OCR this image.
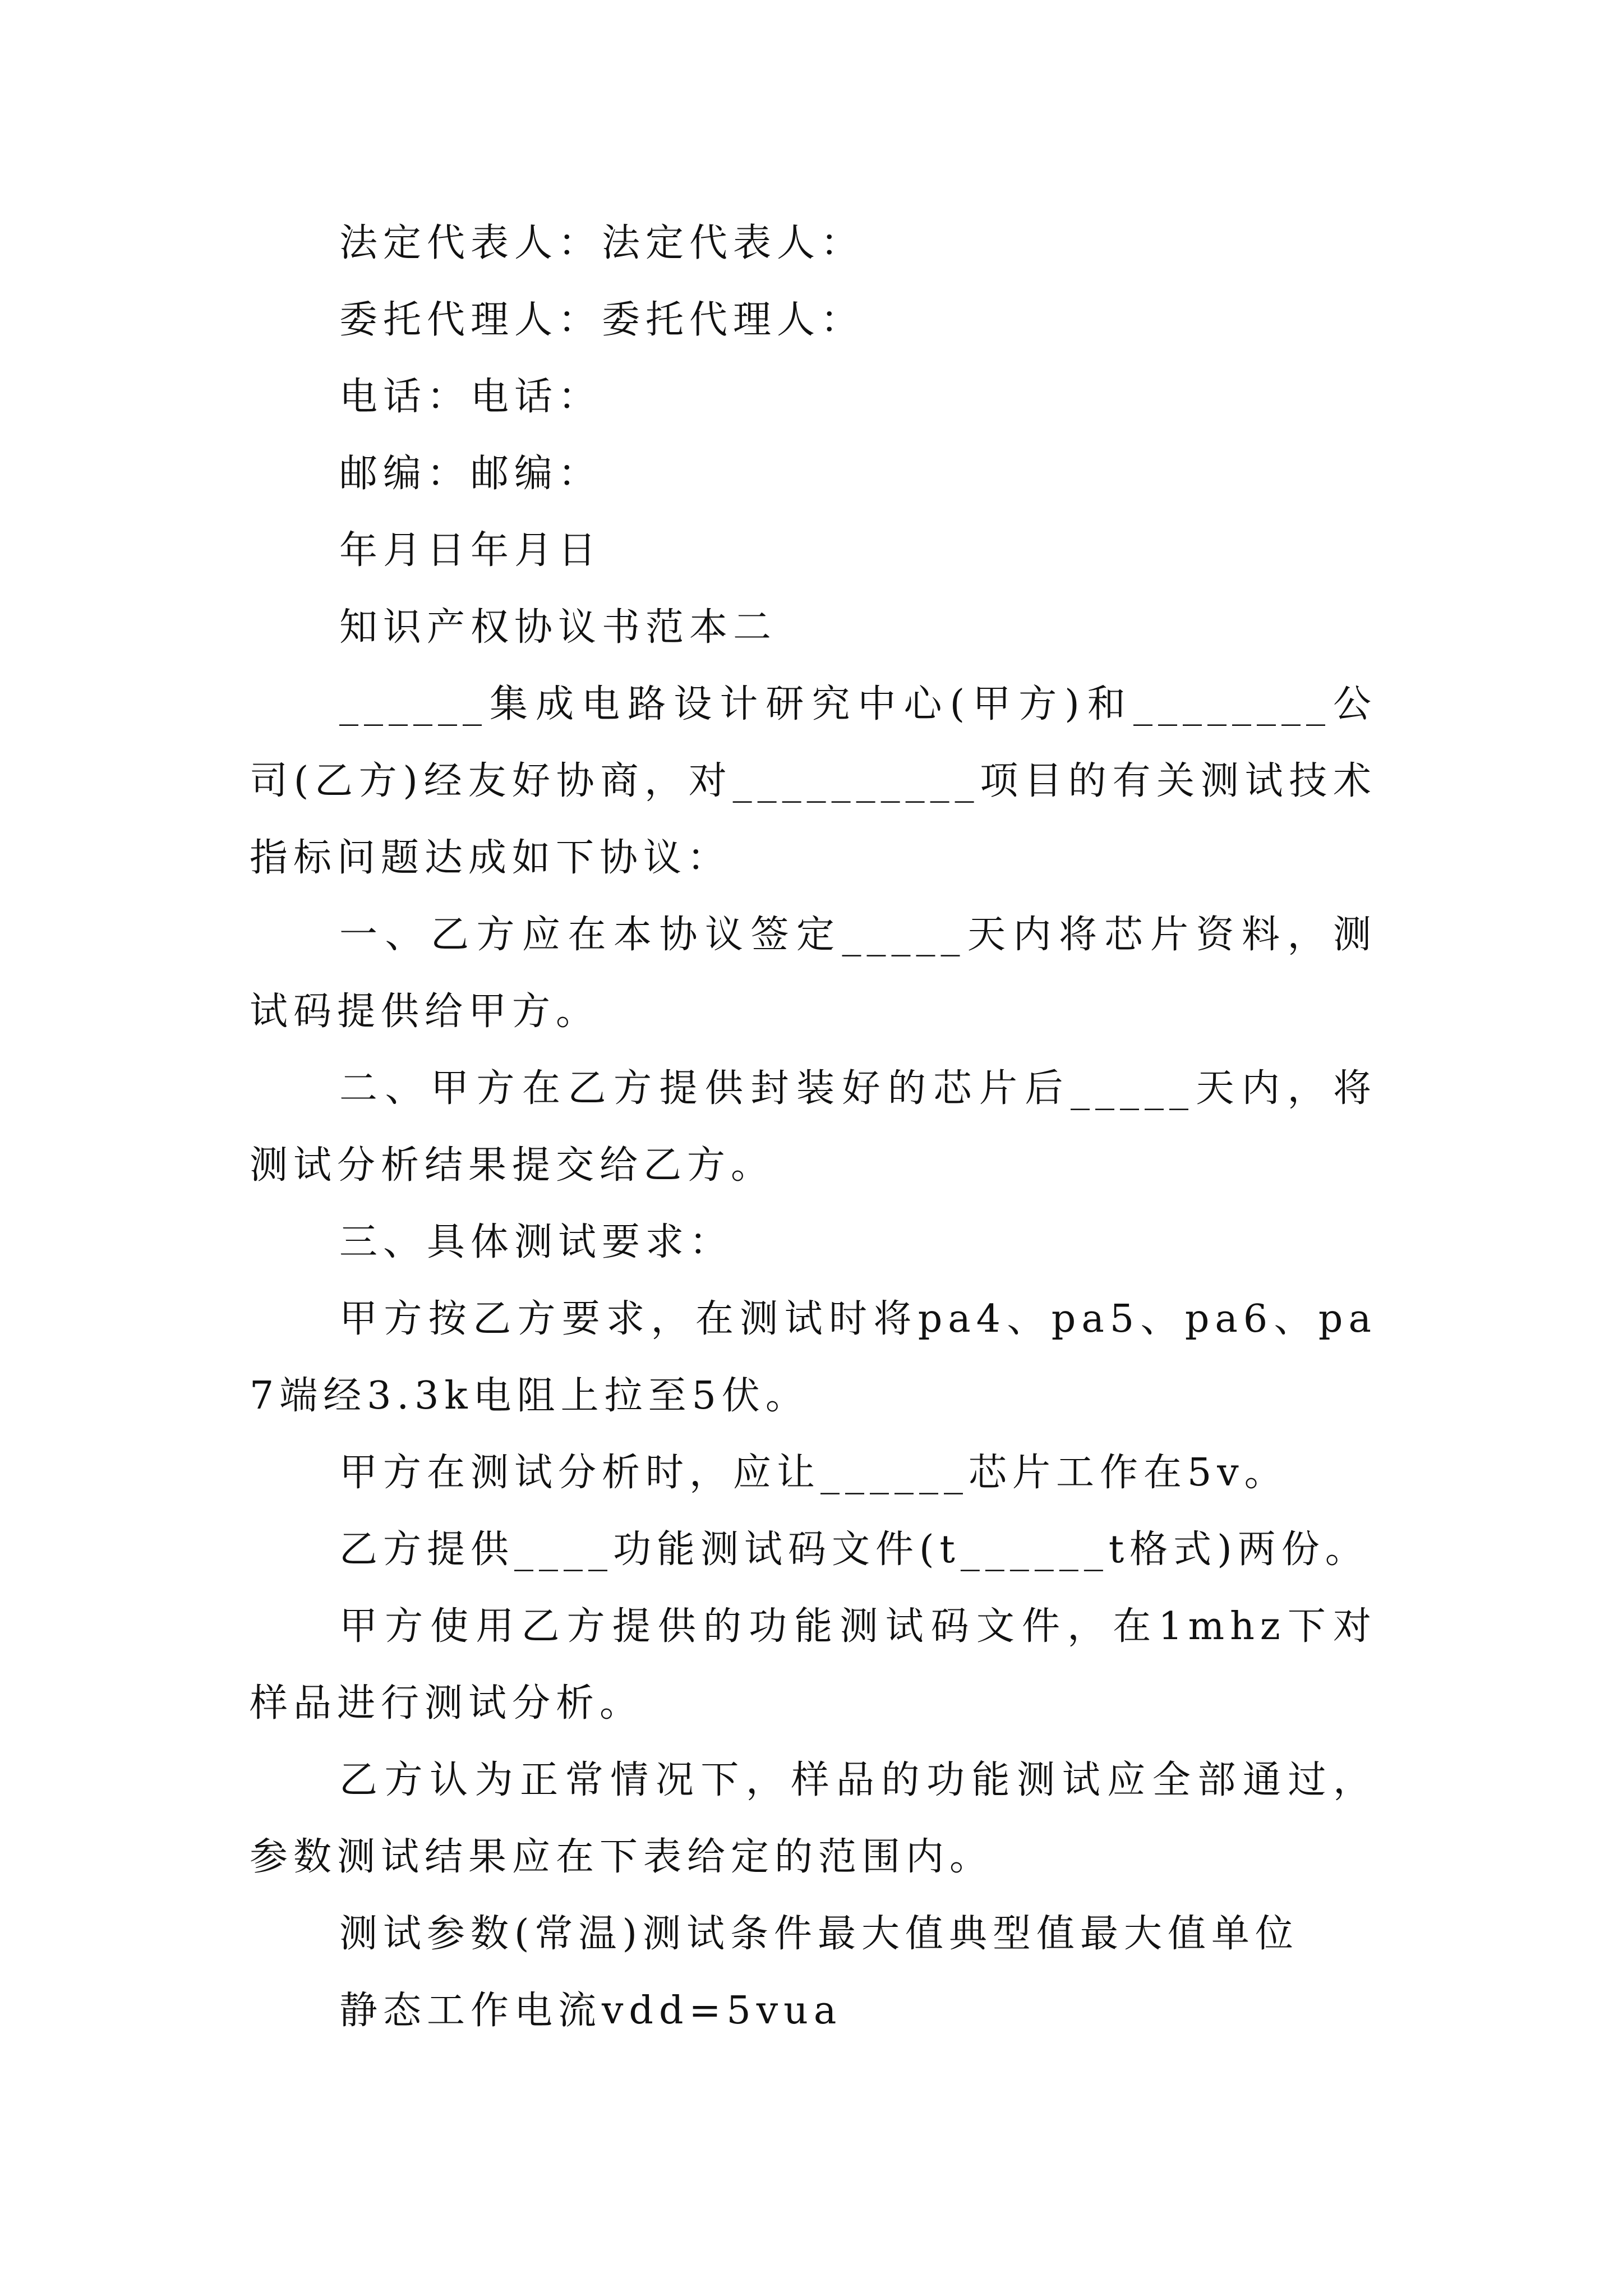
法定代表人：法定代表人：

委托代理人：委托代理人：

电话：电话：

邮编：邮编：

年月日年月日

知识产权协议书范本二

______集成电路设计研究中心(甲方)和________公司(乙方)经友好协商，对__________项目的有关测试技术指标问题达成如下协议：

一、乙方应在本协议签定_____天内将芯片资料，测试码提供给甲方。

二、甲方在乙方提供封装好的芯片后_____天内，将测试分析结果提交给乙方。

三、具体测试要求：

甲方按乙方要求，在测试时将pa4、pa5、pa6、pa7端经3.3k电阻上拉至5伏。

甲方在测试分析时，应让______芯片工作在5v。

乙方提供____功能测试码文件(t______t格式)两份。

甲方使用乙方提供的功能测试码文件，在1mhz下对样品进行测试分析。

乙方认为正常情况下，样品的功能测试应全部通过，参数测试结果应在下表给定的范围内。

测试参数(常温)测试条件最大值典型值最大值单位

静态工作电流vdd=5vua
